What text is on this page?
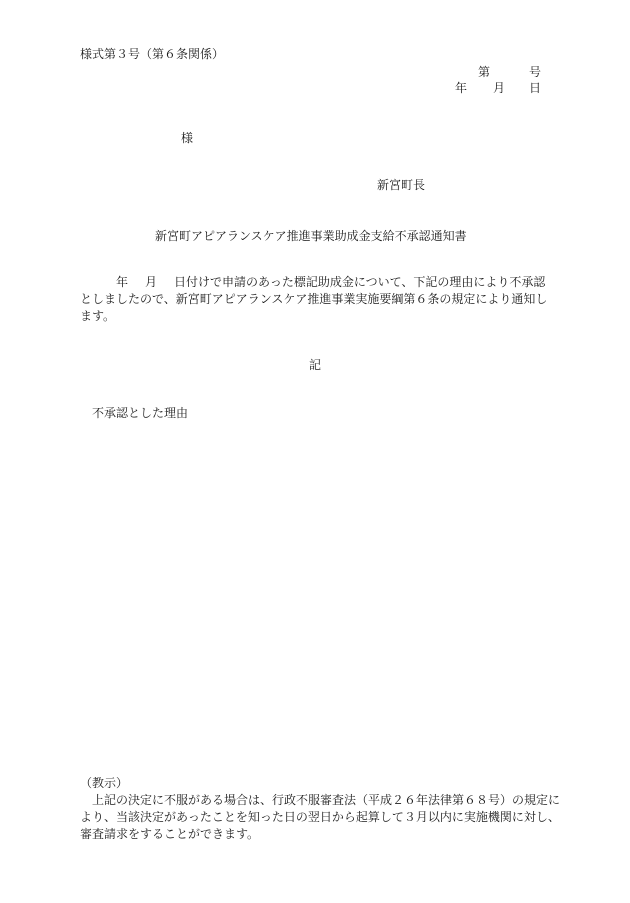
様式第３号（第６条関係）
第	号
年 月 日
様
新宮町長
新宮町アピアランスケア推進事業助成金支給不承認通知書

年 月 日付けで申請のあった標記助成金について、下記の理由により不承認

としましたので、新宮町アピアランスケア推進事業実施要綱第６条の規定により通知し

ます。

記
不承認とした理由

（教示）

上記の決定に不服がある場合は、行政不服審査法（平成２６年法律第６８号）の規定に

より、当該決定があったことを知った日の翌日から起算して３月以内に実施機関に対し、

審査請求をすることができます。
